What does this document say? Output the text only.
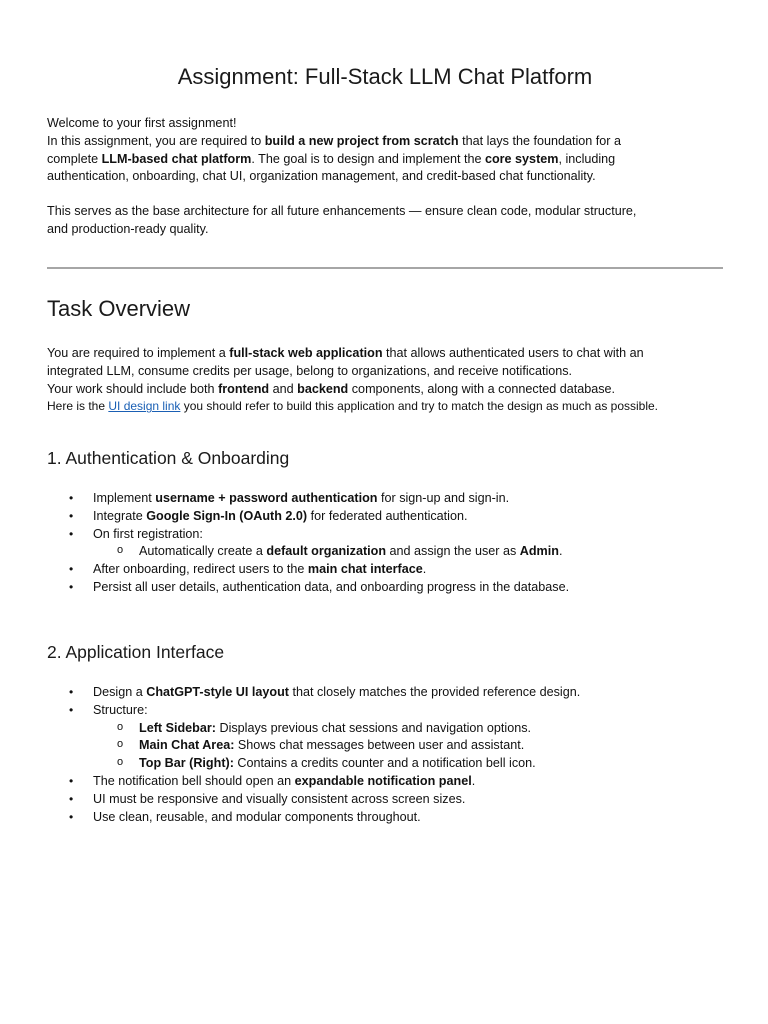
Assignment: Full-Stack LLM Chat Platform
Welcome to your first assignment!
In this assignment, you are required to build a new project from scratch that lays the foundation for a
complete LLM-based chat platform. The goal is to design and implement the core system, including
authentication, onboarding, chat UI, organization management, and credit-based chat functionality.
This serves as the base architecture for all future enhancements — ensure clean code, modular structure,
and production-ready quality.
Task Overview
You are required to implement a full-stack web application that allows authenticated users to chat with an
integrated LLM, consume credits per usage, belong to organizations, and receive notifications.
Your work should include both frontend and backend components, along with a connected database.
Here is the UI design link you should refer to build this application and try to match the design as much as possible.
1. Authentication & Onboarding
• Implement username + password authentication for sign-up and sign-in.
• Integrate Google Sign-In (OAuth 2.0) for federated authentication.
• On first registration:
o Automatically create a default organization and assign the user as Admin.
• After onboarding, redirect users to the main chat interface.
• Persist all user details, authentication data, and onboarding progress in the database.
2. Application Interface
• Design a ChatGPT-style UI layout that closely matches the provided reference design.
• Structure:
o Left Sidebar: Displays previous chat sessions and navigation options.
o Main Chat Area: Shows chat messages between user and assistant.
o Top Bar (Right): Contains a credits counter and a notification bell icon.
• The notification bell should open an expandable notification panel.
• UI must be responsive and visually consistent across screen sizes.
• Use clean, reusable, and modular components throughout.
